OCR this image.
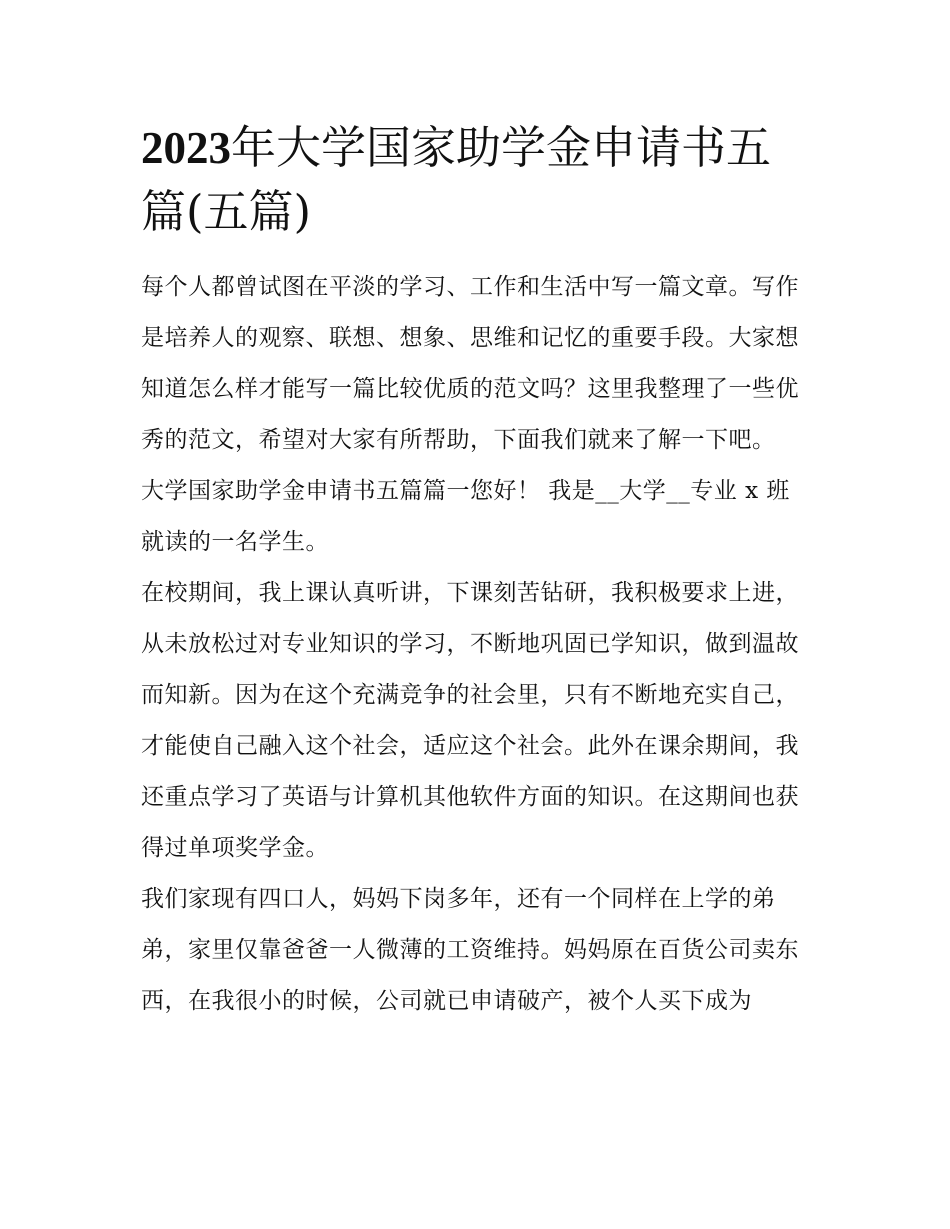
2023年大学国家助学金申请书五篇(五篇)

每个人都曾试图在平淡的学习、工作和生活中写一篇文章。写作是培养人的观察、联想、想象、思维和记忆的重要手段。大家想知道怎么样才能写一篇比较优质的范文吗？这里我整理了一些优秀的范文，希望对大家有所帮助，下面我们就来了解一下吧。

大学国家助学金申请书五篇篇一您好！ 我是__大学__专业 x 班就读的一名学生。

在校期间，我上课认真听讲，下课刻苦钻研，我积极要求上进，从未放松过对专业知识的学习，不断地巩固已学知识，做到温故而知新。因为在这个充满竞争的社会里，只有不断地充实自己，才能使自己融入这个社会，适应这个社会。此外在课余期间，我还重点学习了英语与计算机其他软件方面的知识。在这期间也获得过单项奖学金。

我们家现有四口人，妈妈下岗多年，还有一个同样在上学的弟弟，家里仅靠爸爸一人微薄的工资维持。妈妈原在百货公司卖东西，在我很小的时候，公司就已申请破产，被个人买下成为
